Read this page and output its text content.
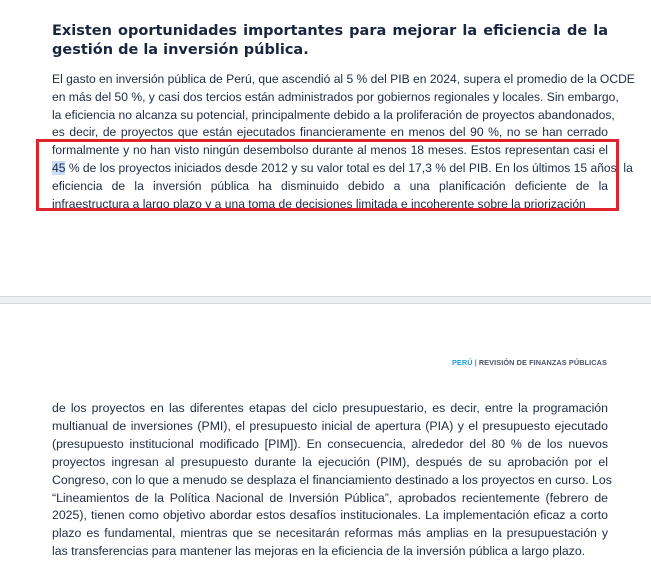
Existen oportunidades importantes para mejorar la eficiencia de la gestión de la inversión pública.

El gasto en inversión pública de Perú, que ascendió al 5 % del PIB en 2024, supera el promedio de la OCDE
en más del 50 %, y casi dos tercios están administrados por gobiernos regionales y locales. Sin embargo,
la eficiencia no alcanza su potencial, principalmente debido a la proliferación de proyectos abandonados,
es decir, de proyectos que están ejecutados financieramente en menos del 90 %, no se han cerrado
formalmente y no han visto ningún desembolso durante al menos 18 meses. Estos representan casi el
45 % de los proyectos iniciados desde 2012 y su valor total es del 17,3 % del PIB. En los últimos 15 años, la
eficiencia de la inversión pública ha disminuido debido a una planificación deficiente de la
infraestructura a largo plazo y a una toma de decisiones limitada e incoherente sobre la priorización

PERÚ | REVISIÓN DE FINANZAS PÚBLICAS

de los proyectos en las diferentes etapas del ciclo presupuestario, es decir, entre la programación
multianual de inversiones (PMI), el presupuesto inicial de apertura (PIA) y el presupuesto ejecutado
(presupuesto institucional modificado [PIM]). En consecuencia, alrededor del 80 % de los nuevos
proyectos ingresan al presupuesto durante la ejecución (PIM), después de su aprobación por el
Congreso, con lo que a menudo se desplaza el financiamiento destinado a los proyectos en curso. Los
“Lineamientos de la Política Nacional de Inversión Pública”, aprobados recientemente (febrero de
2025), tienen como objetivo abordar estos desafíos institucionales. La implementación eficaz a corto
plazo es fundamental, mientras que se necesitarán reformas más amplias en la presupuestación y
las transferencias para mantener las mejoras en la eficiencia de la inversión pública a largo plazo.
